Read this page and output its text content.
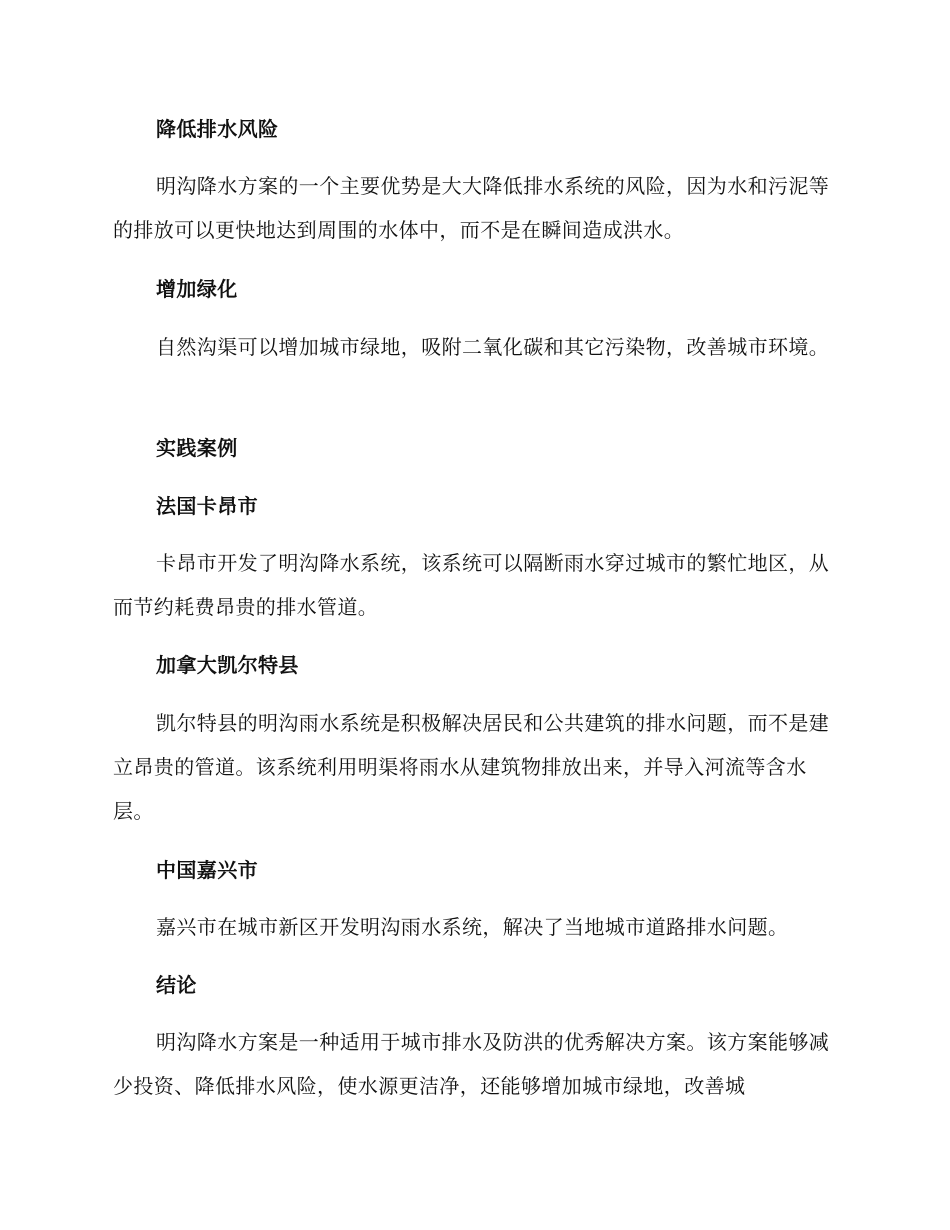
降低排水风险

明沟降水方案的一个主要优势是大大降低排水系统的风险，因为水和污泥等的排放可以更快地达到周围的水体中，而不是在瞬间造成洪水。

增加绿化

自然沟渠可以增加城市绿地，吸附二氧化碳和其它污染物，改善城市环境。

实践案例
法国卡昂市

卡昂市开发了明沟降水系统，该系统可以隔断雨水穿过城市的繁忙地区，从而节约耗费昂贵的排水管道。

加拿大凯尔特县

凯尔特县的明沟雨水系统是积极解决居民和公共建筑的排水问题，而不是建立昂贵的管道。该系统利用明渠将雨水从建筑物排放出来，并导入河流等含水层。

中国嘉兴市

嘉兴市在城市新区开发明沟雨水系统，解决了当地城市道路排水问题。

结论

明沟降水方案是一种适用于城市排水及防洪的优秀解决方案。该方案能够减少投资、降低排水风险，使水源更洁净，还能够增加城市绿地，改善城
